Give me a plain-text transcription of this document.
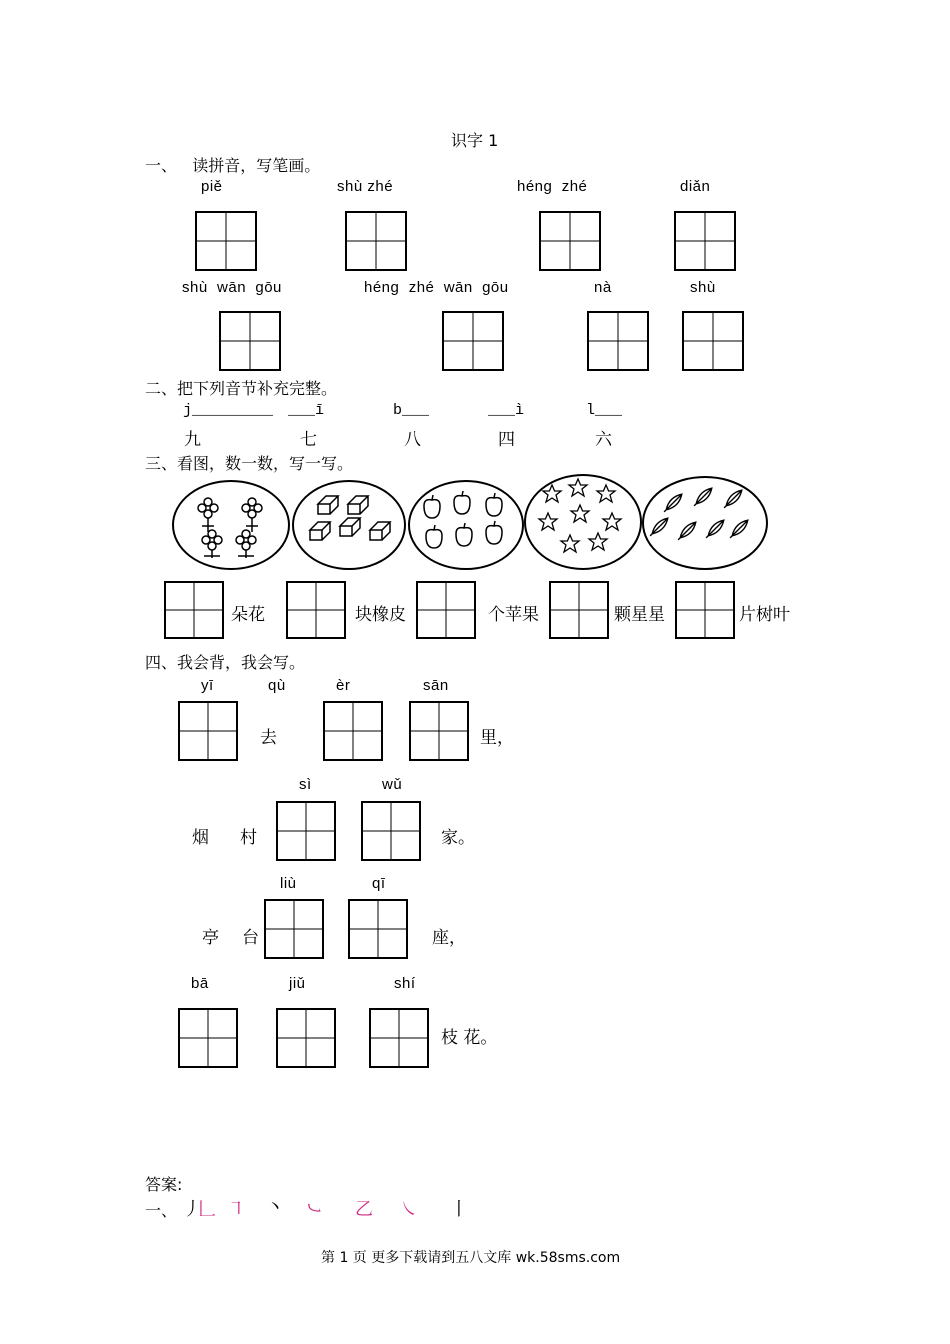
识字 1
一、   读拼音，写笔画。
piě	shù zhé	héng  zhé	diǎn
shù  wān  gōu	héng  zhé  wān  gōu	nà	shù
二、把下列音节补充完整。
j_________ ___ī	b___	___ì	l___
九	七	八	四	六
三、看图，数一数，写一写。
朵花	块橡皮	个苹果	颗星星	片树叶
四、我会背，我会写。
yī	qù	èr	sān
去	里，
sì	wǔ
烟 村	家。
liù	qī
亭 台	座，
bā	jiǔ	shí
枝 花。
答案:
一、 丿
𠃊 ㇕ 丶 ㇃ 乙 ㇏ 丨
第 1 页 更多下载请到五八文库 wk.58sms.com
